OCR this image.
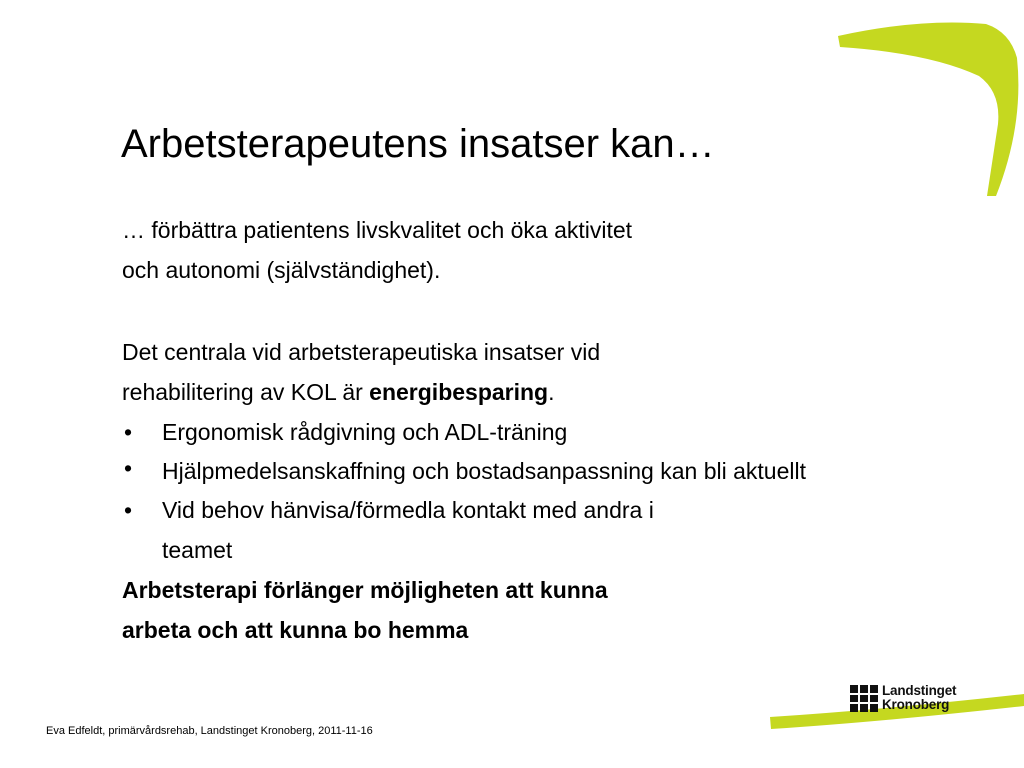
Arbetsterapeutens insatser kan…
… förbättra patientens livskvalitet och öka aktivitet
och autonomi (självständighet).
Det centrala vid arbetsterapeutiska insatser vid
rehabilitering av KOL är energibesparing.
• Ergonomisk rådgivning och ADL-träning
• Hjälpmedelsanskaffning och bostadsanpassning kan bli aktuellt
• Vid behov hänvisa/förmedla kontakt med andra i
teamet
Arbetsterapi förlänger möjligheten att kunna
arbeta och att kunna bo hemma
Eva Edfeldt, primärvårdsrehab, Landstinget Kronoberg, 2011-11-16
Landstinget
Kronoberg
